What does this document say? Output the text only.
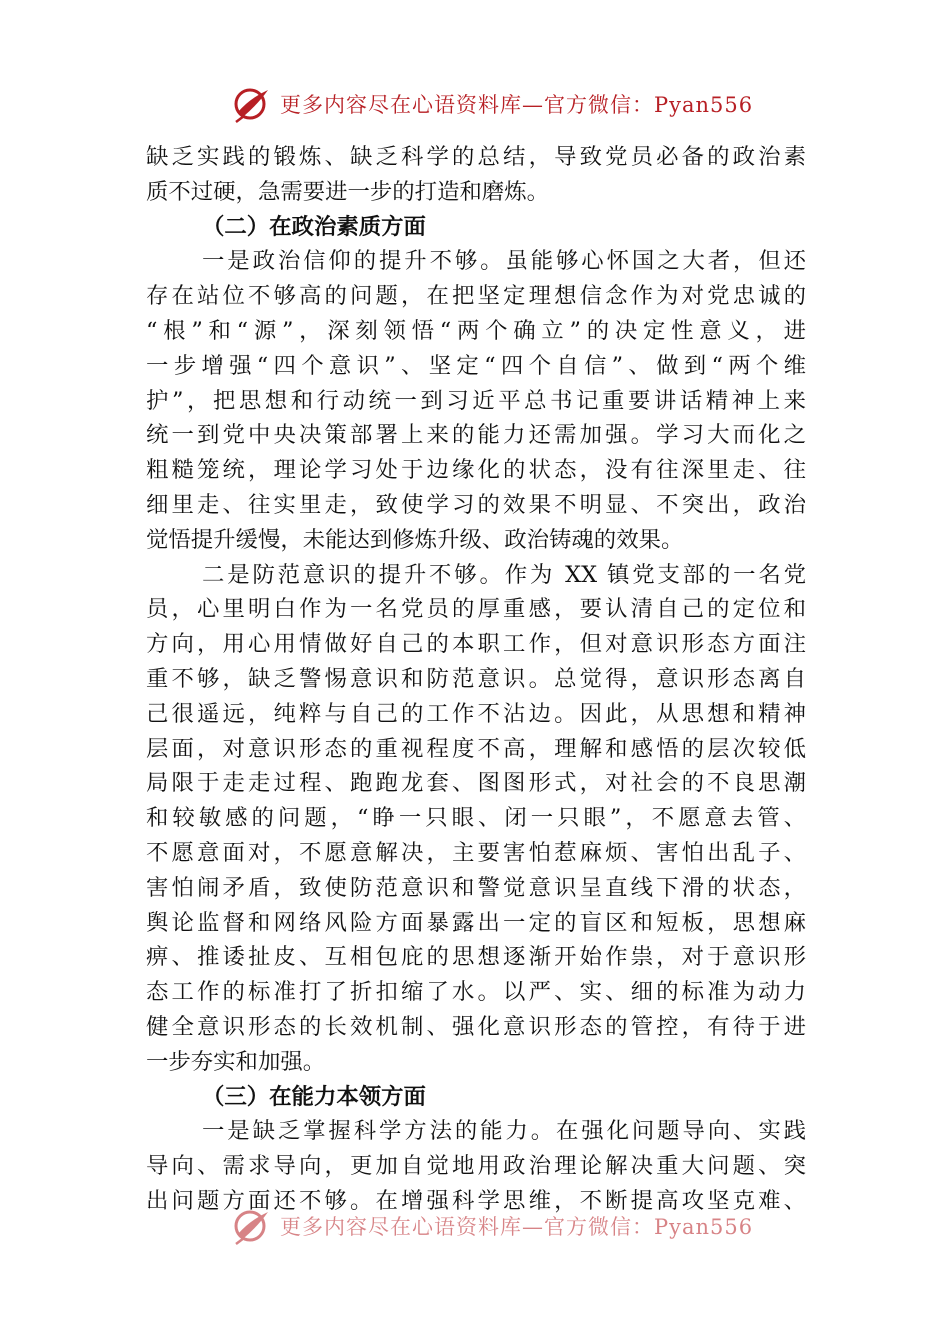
更多内容尽在心语资料库—官方微信：Pyan556
缺乏实践的锻炼、缺乏科学的总结，导致党员必备的政治素
质不过硬，急需要进一步的打造和磨炼。
（二）在政治素质方面
一是政治信仰的提升不够。虽能够心怀国之大者，但还
存在站位不够高的问题，在把坚定理想信念作为对党忠诚的
“根”和“源”，深刻领悟“两个确立”的决定性意义，进
一步增强“四个意识”、坚定“四个自信”、做到“两个维
护”，把思想和行动统一到习近平总书记重要讲话精神上来
统一到党中央决策部署上来的能力还需加强。学习大而化之
粗糙笼统，理论学习处于边缘化的状态，没有往深里走、往
细里走、往实里走，致使学习的效果不明显、不突出，政治
觉悟提升缓慢，未能达到修炼升级、政治铸魂的效果。
二是防范意识的提升不够。作为 XX 镇党支部的一名党
员，心里明白作为一名党员的厚重感，要认清自己的定位和
方向，用心用情做好自己的本职工作，但对意识形态方面注
重不够，缺乏警惕意识和防范意识。总觉得，意识形态离自
己很遥远，纯粹与自己的工作不沾边。因此，从思想和精神
层面，对意识形态的重视程度不高，理解和感悟的层次较低
局限于走走过程、跑跑龙套、图图形式，对社会的不良思潮
和较敏感的问题，“睁一只眼、闭一只眼”，不愿意去管、
不愿意面对，不愿意解决，主要害怕惹麻烦、害怕出乱子、
害怕闹矛盾，致使防范意识和警觉意识呈直线下滑的状态，
舆论监督和网络风险方面暴露出一定的盲区和短板，思想麻
痹、推诿扯皮、互相包庇的思想逐渐开始作祟，对于意识形
态工作的标准打了折扣缩了水。以严、实、细的标准为动力
健全意识形态的长效机制、强化意识形态的管控，有待于进
一步夯实和加强。
（三）在能力本领方面
一是缺乏掌握科学方法的能力。在强化问题导向、实践
导向、需求导向，更加自觉地用政治理论解决重大问题、突
出问题方面还不够。在增强科学思维，不断提高攻坚克难、
更多内容尽在心语资料库—官方微信：Pyan556
